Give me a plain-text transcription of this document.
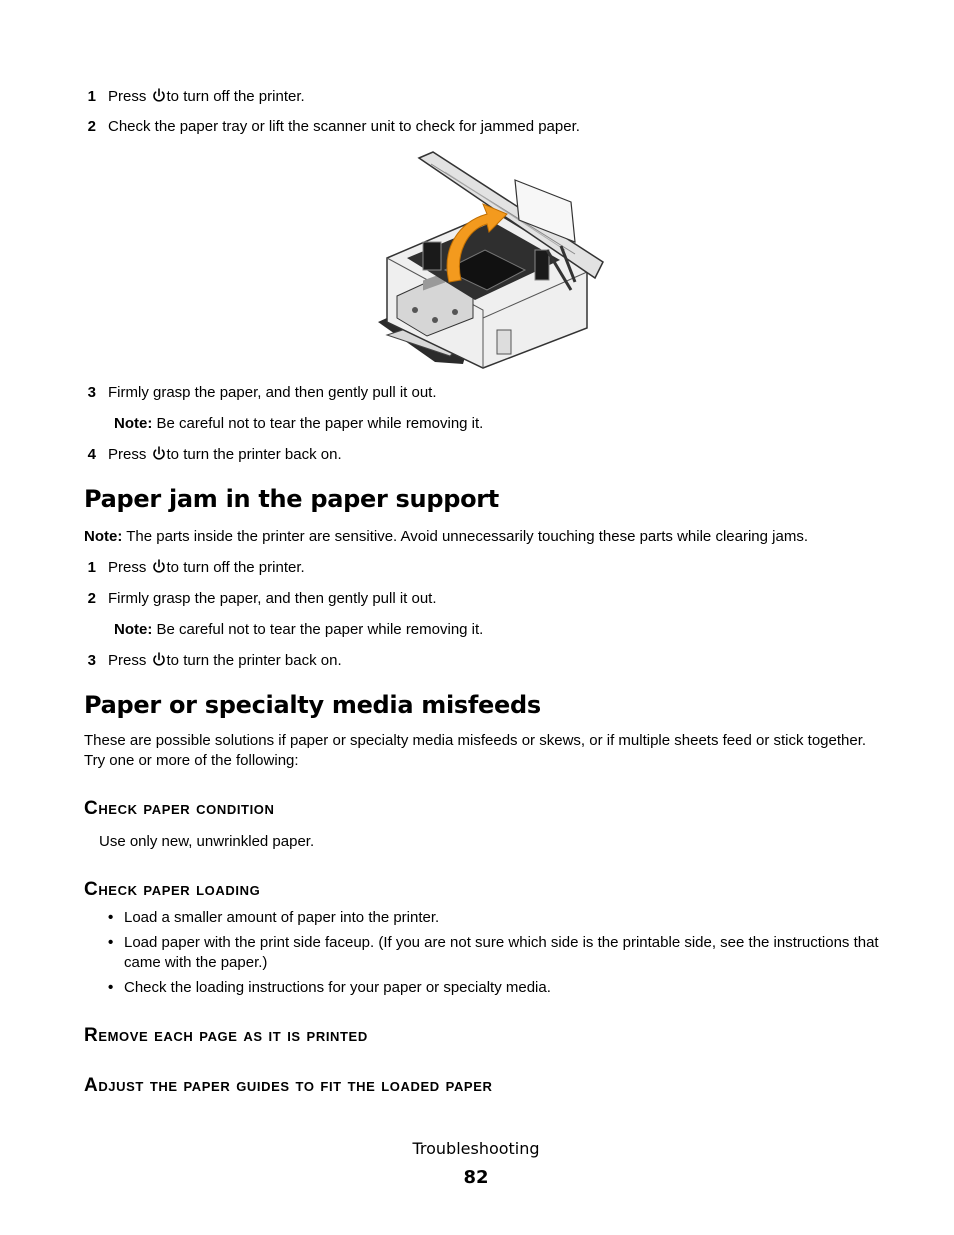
1 Press to turn off the printer.
2 Check the paper tray or lift the scanner unit to check for jammed paper.
3 Firmly grasp the paper, and then gently pull it out.
Note: Be careful not to tear the paper while removing it.
4 Press to turn the printer back on.
Paper jam in the paper support
Note: The parts inside the printer are sensitive. Avoid unnecessarily touching these parts while clearing jams.
1 Press to turn off the printer.
2 Firmly grasp the paper, and then gently pull it out.
Note: Be careful not to tear the paper while removing it.
3 Press to turn the printer back on.
Paper or specialty media misfeeds
These are possible solutions if paper or specialty media misfeeds or skews, or if multiple sheets feed or stick together. Try one or more of the following:
Check paper condition
Use only new, unwrinkled paper.
Check paper loading
• Load a smaller amount of paper into the printer.
• Load paper with the print side faceup. (If you are not sure which side is the printable side, see the instructions that came with the paper.)
• Check the loading instructions for your paper or specialty media.
Remove each page as it is printed
Adjust the paper guides to fit the loaded paper
Troubleshooting
82
